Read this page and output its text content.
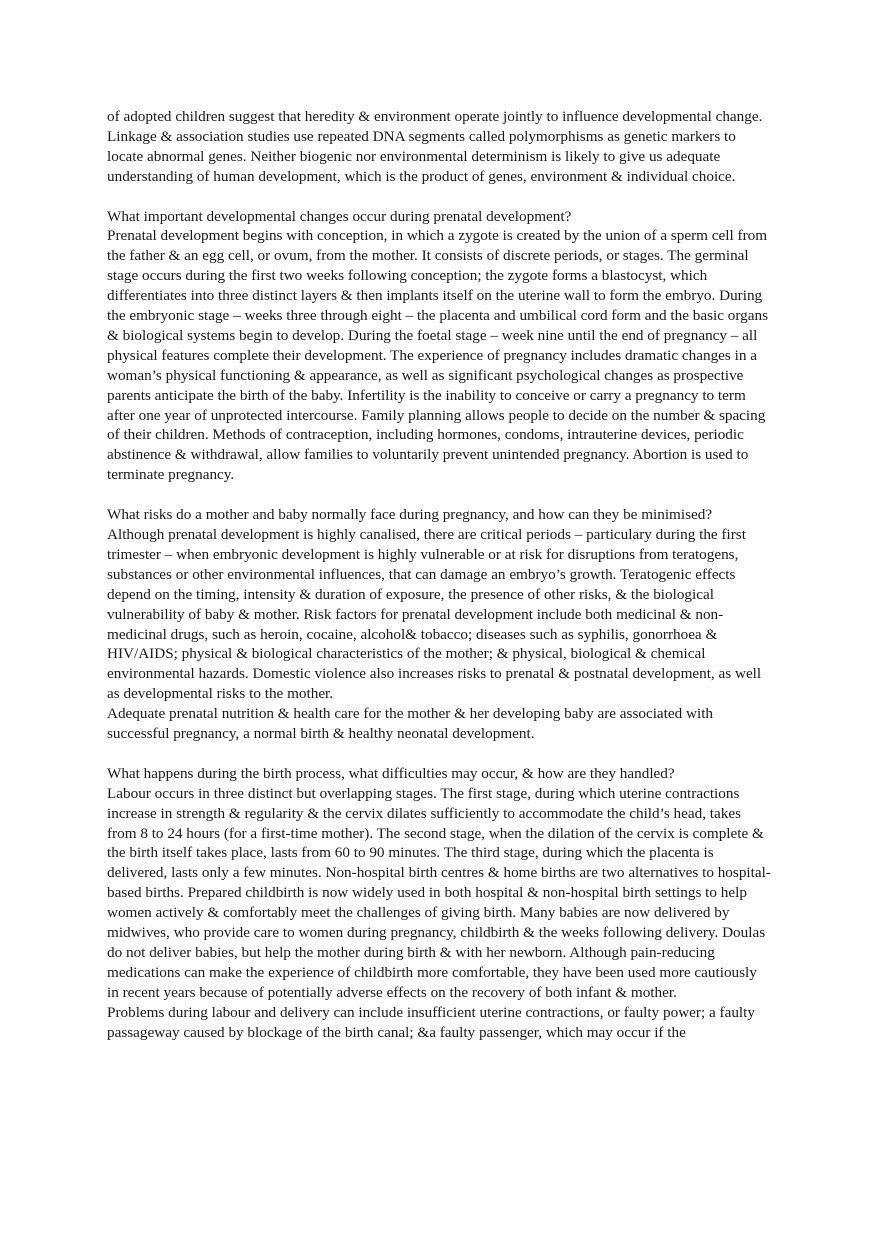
of adopted children suggest that heredity & environment operate jointly to influence developmental change. Linkage & association studies use repeated DNA segments called polymorphisms as genetic markers to locate abnormal genes. Neither biogenic nor environmental determinism is likely to give us adequate understanding of human development, which is the product of genes, environment & individual choice.

What important developmental changes occur during prenatal development?

Prenatal development begins with conception, in which a zygote is created by the union of a sperm cell from the father & an egg cell, or ovum, from the mother. It consists of discrete periods, or stages. The germinal stage occurs during the first two weeks following conception; the zygote forms a blastocyst, which differentiates into three distinct layers & then implants itself on the uterine wall to form the embryo. During the embryonic stage – weeks three through eight – the placenta and umbilical cord form and the basic organs & biological systems begin to develop. During the foetal stage – week nine until the end of pregnancy – all physical features complete their development. The experience of pregnancy includes dramatic changes in a woman’s physical functioning & appearance, as well as significant psychological changes as prospective parents anticipate the birth of the baby. Infertility is the inability to conceive or carry a pregnancy to term after one year of unprotected intercourse. Family planning allows people to decide on the number & spacing of their children. Methods of contraception, including hormones, condoms, intrauterine devices, periodic abstinence & withdrawal, allow families to voluntarily prevent unintended pregnancy. Abortion is used to terminate pregnancy.

What risks do a mother and baby normally face during pregnancy, and how can they be minimised?

Although prenatal development is highly canalised, there are critical periods – particulary during the first trimester – when embryonic development is highly vulnerable or at risk for disruptions from teratogens, substances or other environmental influences, that can damage an embryo’s growth. Teratogenic effects depend on the timing, intensity & duration of exposure, the presence of other risks, & the biological vulnerability of baby & mother. Risk factors for prenatal development include both medicinal & non-medicinal drugs, such as heroin, cocaine, alcohol& tobacco; diseases such as syphilis, gonorrhoea & HIV/AIDS; physical & biological characteristics of the mother; & physical, biological & chemical environmental hazards. Domestic violence also increases risks to prenatal & postnatal development, as well as developmental risks to the mother.

Adequate prenatal nutrition & health care for the mother & her developing baby are associated with successful pregnancy, a normal birth & healthy neonatal development.

What happens during the birth process, what difficulties may occur, & how are they handled?

Labour occurs in three distinct but overlapping stages. The first stage, during which uterine contractions increase in strength & regularity & the cervix dilates sufficiently to accommodate the child’s head, takes from 8 to 24 hours (for a first-time mother). The second stage, when the dilation of the cervix is complete & the birth itself takes place, lasts from 60 to 90 minutes. The third stage, during which the placenta is delivered, lasts only a few minutes. Non-hospital birth centres & home births are two alternatives to hospital-based births. Prepared childbirth is now widely used in both hospital & non-hospital birth settings to help women actively & comfortably meet the challenges of giving birth. Many babies are now delivered by midwives, who provide care to women during pregnancy, childbirth & the weeks following delivery. Doulas do not deliver babies, but help the mother during birth & with her newborn. Although pain-reducing medications can make the experience of childbirth more comfortable, they have been used more cautiously in recent years because of potentially adverse effects on the recovery of both infant & mother.

Problems during labour and delivery can include insufficient uterine contractions, or faulty power; a faulty passageway caused by blockage of the birth canal; &a faulty passenger, which may occur if the
